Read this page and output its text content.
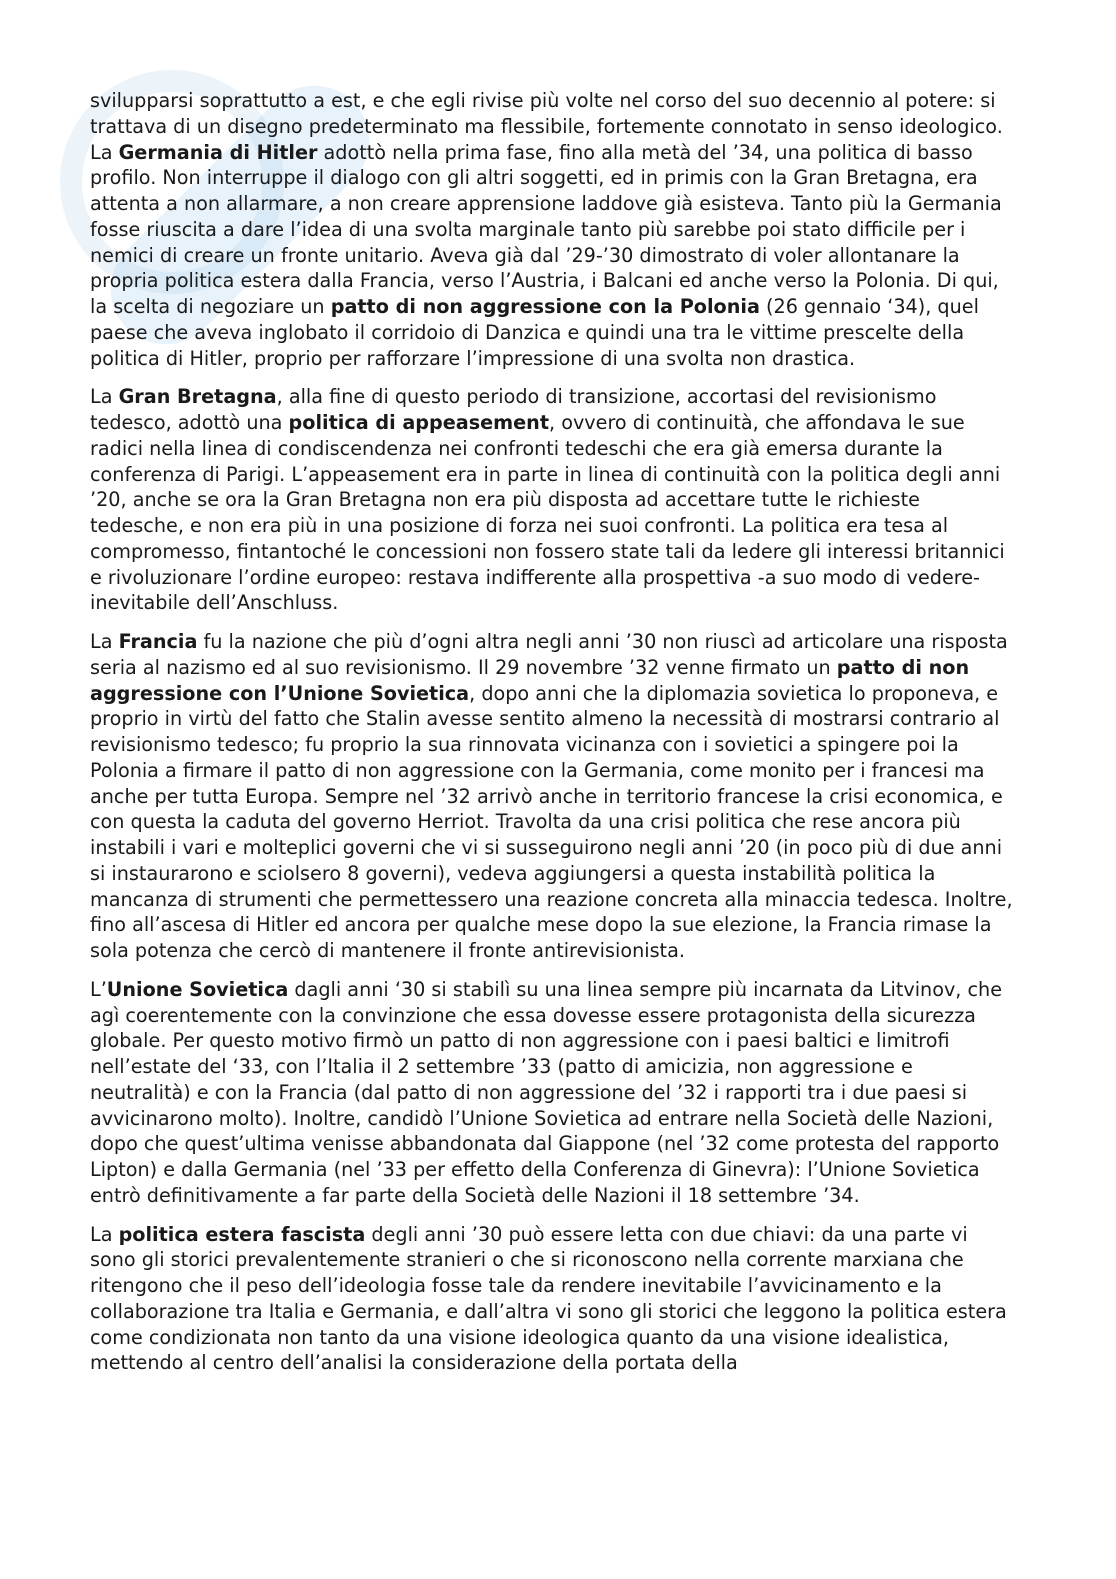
svilupparsi soprattutto a est, e che egli rivise più volte nel corso del suo decennio al potere: si trattava di un disegno predeterminato ma flessibile, fortemente connotato in senso ideologico. La Germania di Hitler adottò nella prima fase, fino alla metà del ’34, una politica di basso profilo. Non interruppe il dialogo con gli altri soggetti, ed in primis con la Gran Bretagna, era attenta a non allarmare, a non creare apprensione laddove già esisteva. Tanto più la Germania fosse riuscita a dare l’idea di una svolta marginale tanto più sarebbe poi stato difficile per i nemici di creare un fronte unitario. Aveva già dal ’29-’30 dimostrato di voler allontanare la propria politica estera dalla Francia, verso l’Austria, i Balcani ed anche verso la Polonia. Di qui, la scelta di negoziare un patto di non aggressione con la Polonia (26 gennaio ‘34), quel paese che aveva inglobato il corridoio di Danzica e quindi una tra le vittime prescelte della politica di Hitler, proprio per rafforzare l’impressione di una svolta non drastica.

La Gran Bretagna, alla fine di questo periodo di transizione, accortasi del revisionismo tedesco, adottò una politica di appeasement, ovvero di continuità, che affondava le sue radici nella linea di condiscendenza nei confronti tedeschi che era già emersa durante la conferenza di Parigi. L’appeasement era in parte in linea di continuità con la politica degli anni ’20, anche se ora la Gran Bretagna non era più disposta ad accettare tutte le richieste tedesche, e non era più in una posizione di forza nei suoi confronti. La politica era tesa al compromesso, fintantoché le concessioni non fossero state tali da ledere gli interessi britannici e rivoluzionare l’ordine europeo: restava indifferente alla prospettiva -a suo modo di vedere- inevitabile dell’Anschluss.

La Francia fu la nazione che più d’ogni altra negli anni ’30 non riuscì ad articolare una risposta seria al nazismo ed al suo revisionismo. Il 29 novembre ’32 venne firmato un patto di non aggressione con l’Unione Sovietica, dopo anni che la diplomazia sovietica lo proponeva, e proprio in virtù del fatto che Stalin avesse sentito almeno la necessità di mostrarsi contrario al revisionismo tedesco; fu proprio la sua rinnovata vicinanza con i sovietici a spingere poi la Polonia a firmare il patto di non aggressione con la Germania, come monito per i francesi ma anche per tutta Europa. Sempre nel ’32 arrivò anche in territorio francese la crisi economica, e con questa la caduta del governo Herriot. Travolta da una crisi politica che rese ancora più instabili i vari e molteplici governi che vi si susseguirono negli anni ’20 (in poco più di due anni si instaurarono e sciolsero 8 governi), vedeva aggiungersi a questa instabilità politica la mancanza di strumenti che permettessero una reazione concreta alla minaccia tedesca. Inoltre, fino all’ascesa di Hitler ed ancora per qualche mese dopo la sue elezione, la Francia rimase la sola potenza che cercò di mantenere il fronte antirevisionista.

L’Unione Sovietica dagli anni ‘30 si stabilì su una linea sempre più incarnata da Litvinov, che agì coerentemente con la convinzione che essa dovesse essere protagonista della sicurezza globale. Per questo motivo firmò un patto di non aggressione con i paesi baltici e limitrofi nell’estate del ‘33, con l’Italia il 2 settembre ’33 (patto di amicizia, non aggressione e neutralità) e con la Francia (dal patto di non aggressione del ’32 i rapporti tra i due paesi si avvicinarono molto). Inoltre, candidò l’Unione Sovietica ad entrare nella Società delle Nazioni, dopo che quest’ultima venisse abbandonata dal Giappone (nel ’32 come protesta del rapporto Lipton) e dalla Germania (nel ’33 per effetto della Conferenza di Ginevra): l’Unione Sovietica entrò definitivamente a far parte della Società delle Nazioni il 18 settembre ’34.

La politica estera fascista degli anni ’30 può essere letta con due chiavi: da una parte vi sono gli storici prevalentemente stranieri o che si riconoscono nella corrente marxiana che ritengono che il peso dell’ideologia fosse tale da rendere inevitabile l’avvicinamento e la collaborazione tra Italia e Germania, e dall’altra vi sono gli storici che leggono la politica estera come condizionata non tanto da una visione ideologica quanto da una visione idealistica, mettendo al centro dell’analisi la considerazione della portata della
